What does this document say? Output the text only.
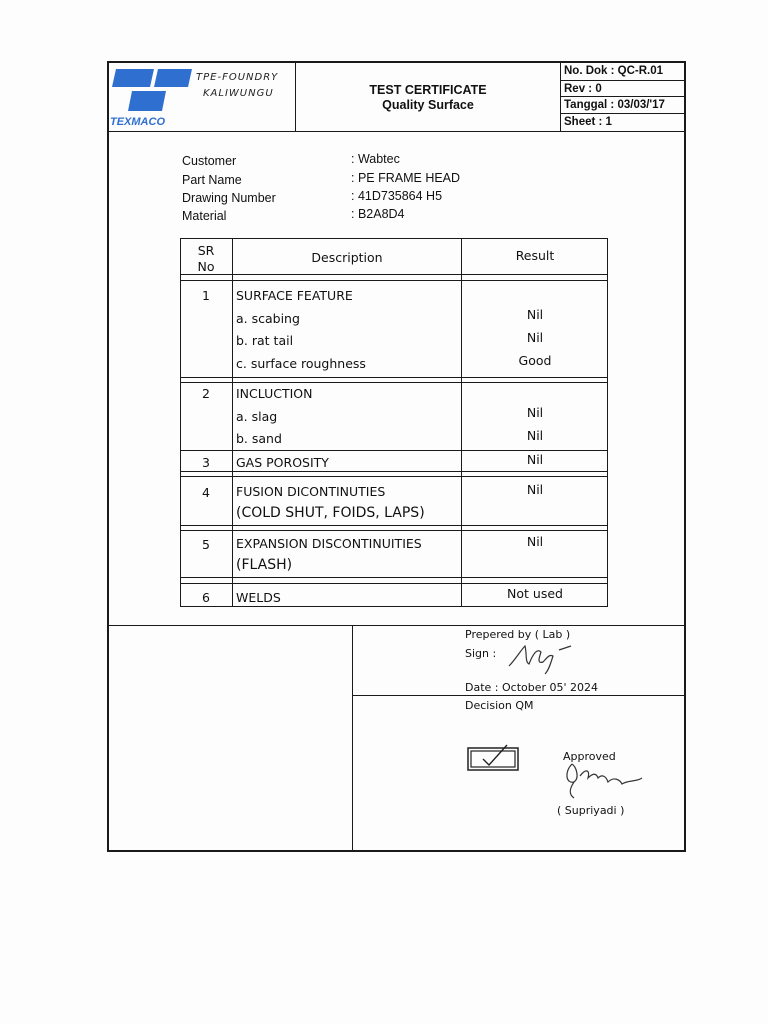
TEXMACO
TPE-FOUNDRY
KALIWUNGU	TEST CERTIFICATE
Quality Surface
No. Dok : QC-R.01
Rev : 0
Tanggal : 03/03/'17
Sheet : 1
Customer	: Wabtec
Part Name	: PE FRAME HEAD
Drawing Number	: 41D735864 H5
Material	: B2A8D4
SR
No
Description	Result
1	SURFACE FEATURE
a. scabing	Nil
b. rat tail	Nil
c. surface roughness	Good
2	INCLUCTION
a. slag	Nil
b. sand	Nil
3	GAS POROSITY	Nil
4	FUSION DICONTINUTIES	Nil
(COLD SHUT, FOIDS, LAPS)
5	EXPANSION DISCONTINUITIES	Nil
(FLASH)
6	WELDS	Not used
Prepered by ( Lab )
Sign :
Date : October 05' 2024
Decision QM
Approved
( Supriyadi )
